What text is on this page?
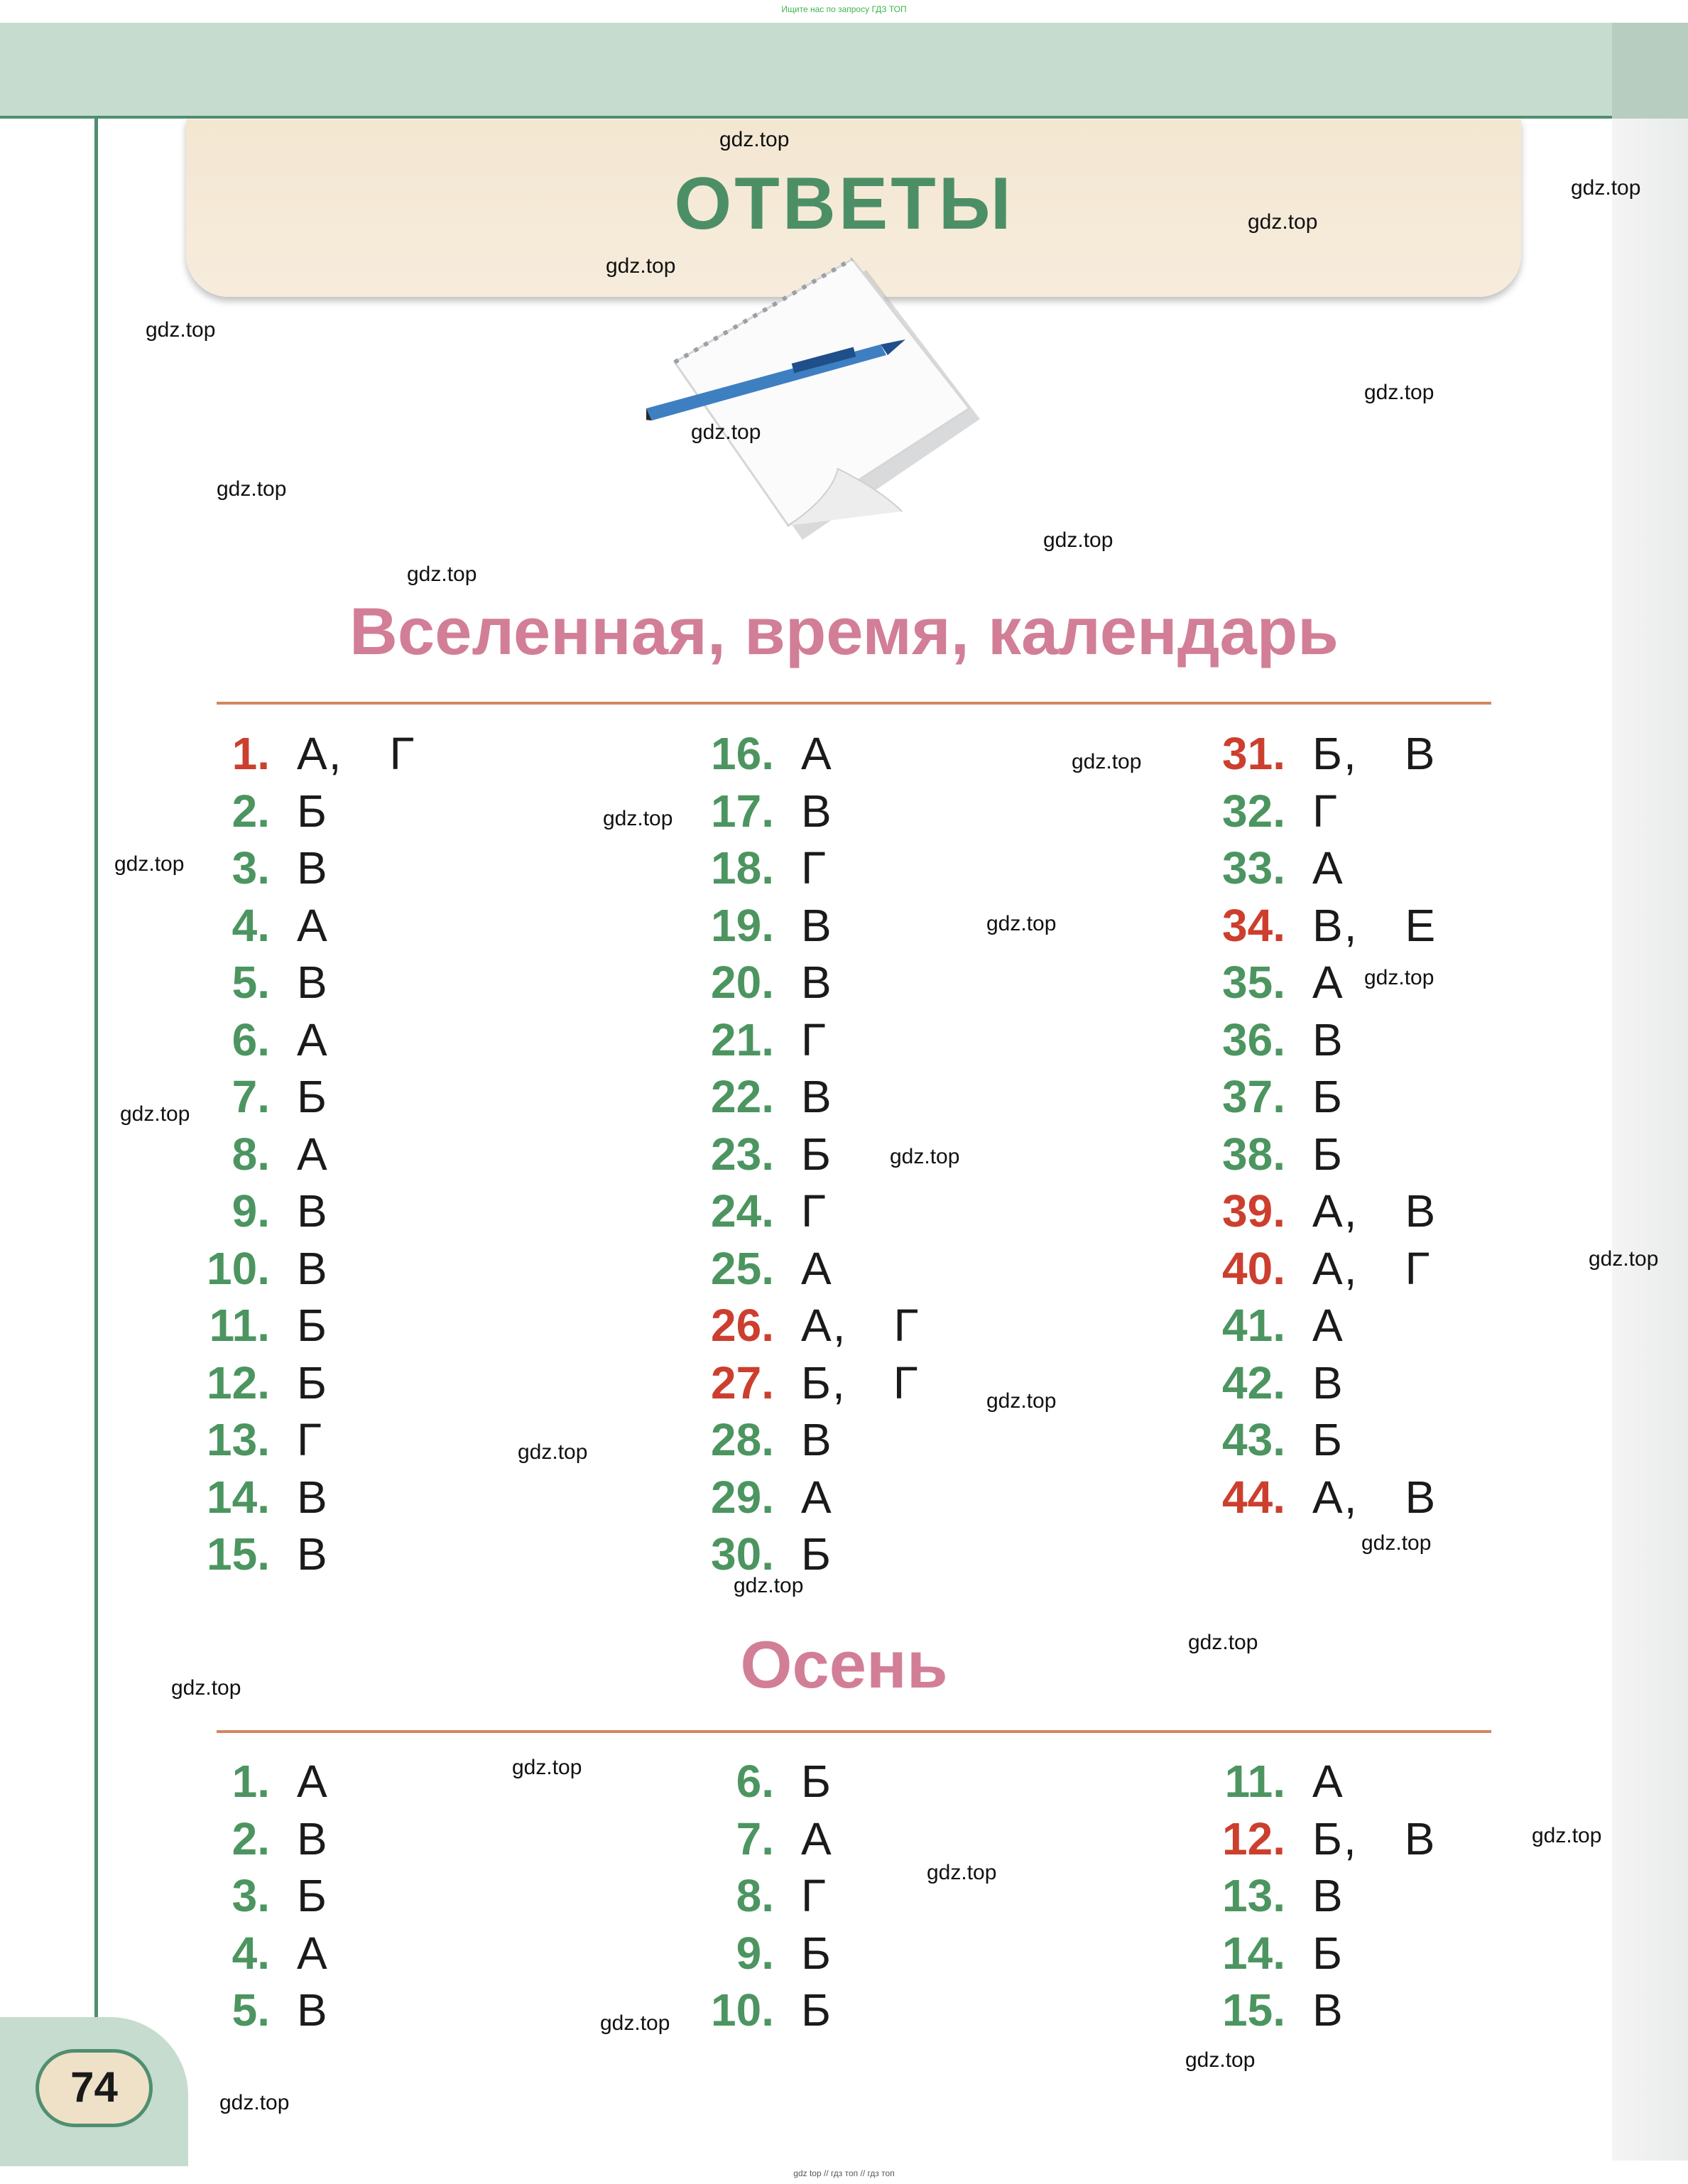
Ищите нас по запросу ГДЗ ТОП
ОТВЕТЫ
Вселенная, время, календарь
1. А, Г
2. Б
3. В
4. А
5. В
6. А
7. Б
8. А
9. В
10. В
11. Б
12. Б
13. Г
14. В
15. В
16. А
17. В
18. Г
19. В
20. В
21. Г
22. В
23. Б
24. Г
25. А
26. А, Г
27. Б, Г
28. В
29. А
30. Б
31. Б, В
32. Г
33. А
34. В, Е
35. А
36. В
37. Б
38. Б
39. А, В
40. А, Г
41. А
42. В
43. Б
44. А, В
Осень
1. А
2. В
3. Б
4. А
5. В
6. Б
7. А
8. Г
9. Б
10. Б
11. А
12. Б, В
13. В
14. Б
15. В
gdz.top
gdz.top
gdz.top
gdz.top
gdz.top
gdz.top
gdz.top
gdz.top
gdz.top
gdz.top
gdz.top
gdz.top
gdz.top
gdz.top
gdz.top
gdz.top
gdz.top
gdz.top
gdz.top
gdz.top
gdz.top
gdz.top
gdz.top
gdz.top
gdz.top
gdz.top
gdz.top
gdz.top
gdz.top
gdz.top
74
gdz top // гдз топ // гдз топ
